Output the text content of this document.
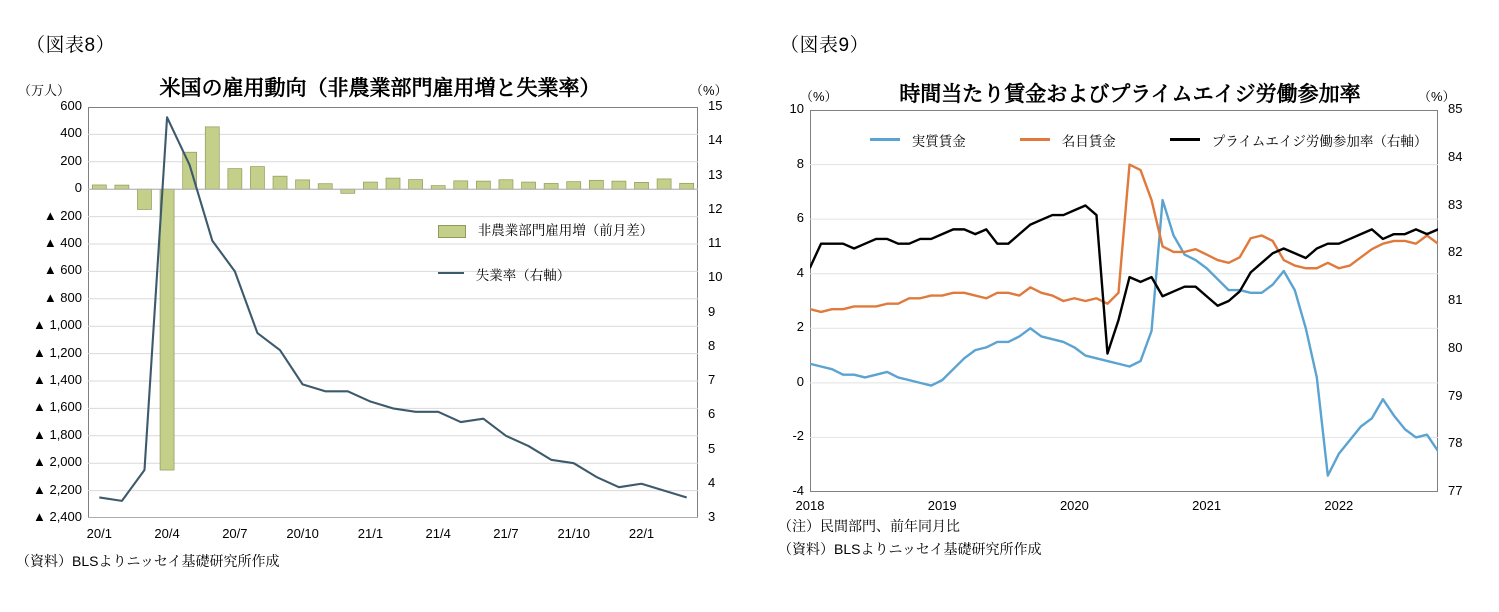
（図表8）
米国の雇用動向（非農業部門雇用増と失業率）
（万人）	（%）
非農業部門雇用増（前月差）
失業率（右軸）
（資料）BLSよりニッセイ基礎研究所作成
600
400
200
0
▲ 200
▲ 400
▲ 600
▲ 800
▲ 1,000
▲ 1,200
▲ 1,400
▲ 1,600
▲ 1,800
▲ 2,000
▲ 2,200
▲ 2,400
15
14
13
12
11
10
9
8
7
6
5
4
3
20/1	20/4	20/7	20/10	21/1	21/4	21/7	21/10	22/1
（図表9）
時間当たり賃金およびプライムエイジ労働参加率
（%）	（%）
実質賃金	名目賃金	プライムエイジ労働参加率（右軸）
（注）民間部門、前年同月比
（資料）BLSよりニッセイ基礎研究所作成
10
8
6
4
2
0
-2
-4
85
84
83
82
81
80
79
78
77
2018	2019	2020	2021	2022
